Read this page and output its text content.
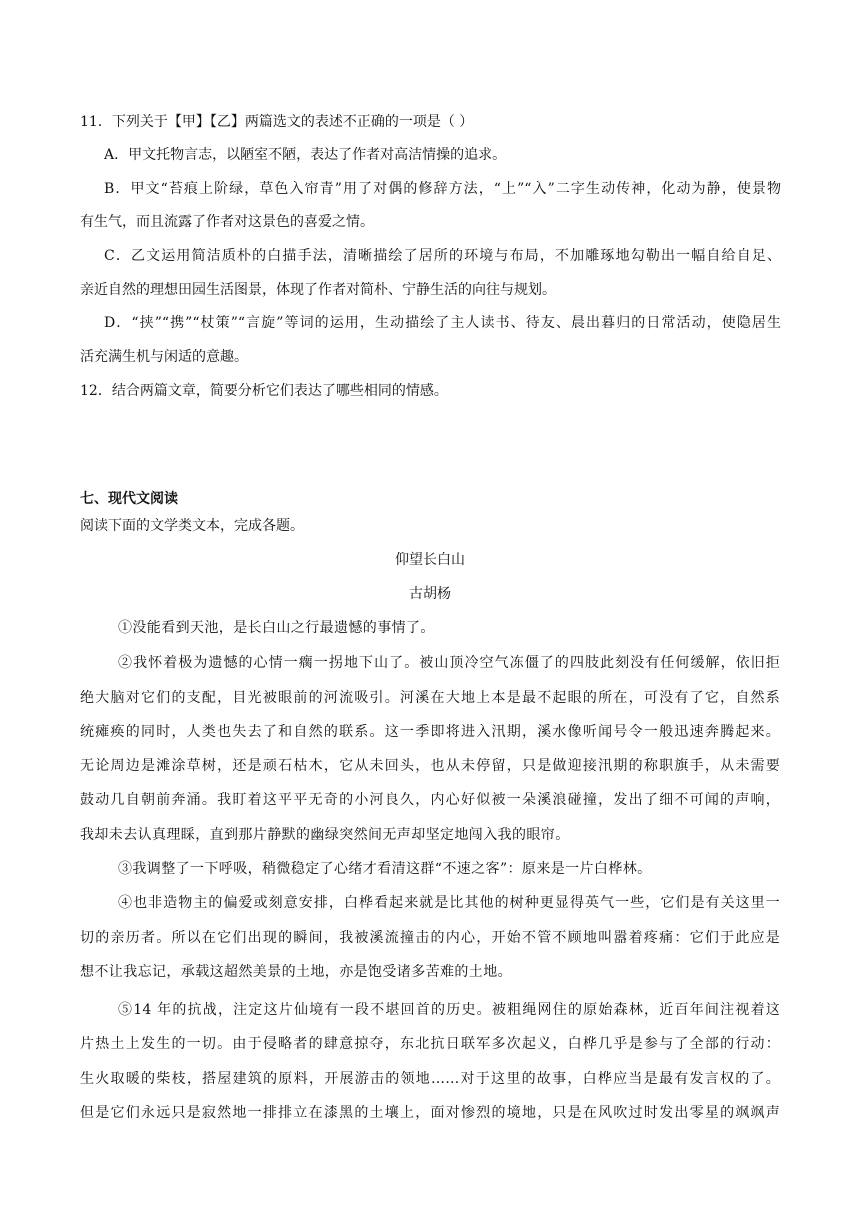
11．下列关于【甲】【乙】两篇选文的表述不正确的一项是（ ）
A．甲文托物言志，以陋室不陋，表达了作者对高洁情操的追求。
B．甲文“苔痕上阶绿，草色入帘青”用了对偶的修辞方法，“上”“入”二字生动传神，化动为静，使景物
有生气，而且流露了作者对这景色的喜爱之情。
C．乙文运用简洁质朴的白描手法，清晰描绘了居所的环境与布局，不加雕琢地勾勒出一幅自给自足、
亲近自然的理想田园生活图景，体现了作者对简朴、宁静生活的向往与规划。
D．“挟”“携”“杖策”“言旋”等词的运用，生动描绘了主人读书、待友、晨出暮归的日常活动，使隐居生
活充满生机与闲适的意趣。
12．结合两篇文章，简要分析它们表达了哪些相同的情感。
七、现代文阅读
阅读下面的文学类文本，完成各题。
仰望长白山
古胡杨
①没能看到天池，是长白山之行最遗憾的事情了。
②我怀着极为遗憾的心情一瘸一拐地下山了。被山顶冷空气冻僵了的四肢此刻没有任何缓解，依旧拒
绝大脑对它们的支配，目光被眼前的河流吸引。河溪在大地上本是最不起眼的所在，可没有了它，自然系
统瘫痪的同时，人类也失去了和自然的联系。这一季即将进入汛期，溪水像听闻号令一般迅速奔腾起来。
无论周边是滩涂草树，还是顽石枯木，它从未回头，也从未停留，只是做迎接汛期的称职旗手，从未需要
鼓动几自朝前奔涌。我盯着这平平无奇的小河良久，内心好似被一朵溪浪碰撞，发出了细不可闻的声响，
我却未去认真理睬，直到那片静默的幽绿突然间无声却坚定地闯入我的眼帘。
③我调整了一下呼吸，稍微稳定了心绪才看清这群“不速之客”：原来是一片白桦林。
④也非造物主的偏爱或刻意安排，白桦看起来就是比其他的树种更显得英气一些，它们是有关这里一
切的亲历者。所以在它们出现的瞬间，我被溪流撞击的内心，开始不管不顾地叫嚣着疼痛：它们于此应是
想不让我忘记，承载这超然美景的土地，亦是饱受诸多苦难的土地。
⑤14 年的抗战，注定这片仙境有一段不堪回首的历史。被粗绳网住的原始森林，近百年间注视着这
片热土上发生的一切。由于侵略者的肆意掠夺，东北抗日联军多次起义，白桦几乎是参与了全部的行动：
生火取暖的柴枝，搭屋建筑的原料，开展游击的领地……对于这里的故事，白桦应当是最有发言权的了。
但是它们永远只是寂然地一排排立在漆黑的土壤上，面对惨烈的境地，只是在风吹过时发出零星的飒飒声
